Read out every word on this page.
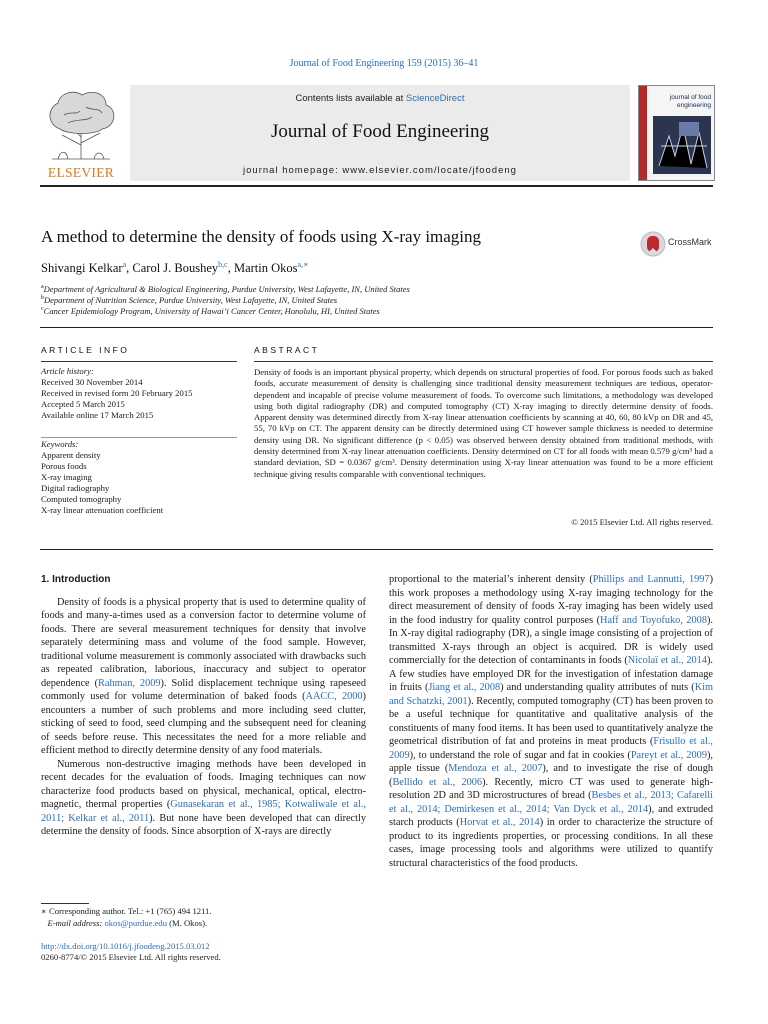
Journal of Food Engineering 159 (2015) 36–41
ELSEVIER
Contents lists available at ScienceDirect
Journal of Food Engineering
journal homepage: www.elsevier.com/locate/jfoodeng
journal of food engineering
A method to determine the density of foods using X-ray imaging	CrossMark
Shivangi Kelkar$^a$, Carol J. Boushey$^{b,c}$, Martin Okos$^{a,∗}$
$^a$Department of Agricultural & Biological Engineering, Purdue University, West Lafayette, IN, United States
$^b$Department of Nutrition Science, Purdue University, West Lafayette, IN, United States
$^c$Cancer Epidemiology Program, University of Hawai’i Cancer Center, Honolulu, HI, United States
ARTICLE INFO	ABSTRACT
Article history:
Received 30 November 2014
Received in revised form 20 February 2015
Accepted 5 March 2015
Available online 17 March 2015
Keywords:
Apparent density
Porous foods
X-ray imaging
Digital radiography
Computed tomography
X-ray linear attenuation coefficient
Density of foods is an important physical property, which depends on structural properties of food. For porous foods such as baked foods, accurate measurement of density is challenging since traditional density measurement techniques are tedious, operator-dependent and incapable of precise volume measurement of foods. To overcome such limitations, a methodology was developed using both digital radiography (DR) and computed tomography (CT) X-ray imaging to directly determine density of foods. Apparent density was determined directly from X-ray linear attenuation coefficients by scanning at 40, 60, 80 kVp on DR and 45, 55, 70 kVp on CT. The apparent density can be directly determined using CT however sample thickness is needed to determine density using DR. No significant difference (p < 0.05) was observed between density obtained from traditional methods, with density determined from X-ray linear attenuation coefficients. Density determined on CT for all foods with mean 0.579 g/cm³ had a standard deviation, SD = 0.0367 g/cm³. Density determination using X-ray linear attenuation was found to be a more efficient technique giving results comparable with conventional techniques.
© 2015 Elsevier Ltd. All rights reserved.
1. Introduction

Density of foods is a physical property that is used to determine quality of foods and many-a-times used as a conversion factor to determine volume of foods. There are several measurement techniques for density that involve separately determining mass and volume of the food sample. However, traditional volume measurement is commonly associated with drawbacks such as repeated calibration, laborious, inaccuracy and subject to operator dependence (Rahman, 2009). Solid displacement technique using rapeseed commonly used for volume determination of baked foods (AACC, 2000) encounters a number of such problems and more including seed clutter, sticking of seed to food, seed clumping and the subsequent need for cleaning of seeds before reuse. This necessitates the need for a more reliable and efficient method to directly determine density of any food materials.

Numerous non-destructive imaging methods have been developed in recent decades for the evaluation of foods. Imaging techniques can now characterize food products based on physical, mechanical, optical, electro-magnetic, thermal properties (Gunasekaran et al., 1985; Kotwaliwale et al., 2011; Kelkar et al., 2011). But none have been developed that can directly determine the density of foods. Since absorption of X-rays are directly

proportional to the material’s inherent density (Phillips and Lannutti, 1997) this work proposes a methodology using X-ray imaging technology for the direct measurement of density of foods X-ray imaging has been widely used in the food industry for quality control purposes (Haff and Toyofuko, 2008). In X-ray digital radiography (DR), a single image consisting of a projection of transmitted X-rays through an object is acquired. DR is widely used commercially for the detection of contaminants in foods (Nicolaï et al., 2014). A few studies have employed DR for the investigation of infestation damage in fruits (Jiang et al., 2008) and understanding quality attributes of nuts (Kim and Schatzki, 2001). Recently, computed tomography (CT) has been proven to be a useful technique for quantitative and qualitative analysis of the constituents of many food items. It has been used to quantitatively analyze the geometrical distribution of fat and proteins in meat products (Frisullo et al., 2009), to understand the role of sugar and fat in cookies (Pareyt et al., 2009), apple tissue (Mendoza et al., 2007), and to investigate the rise of dough (Bellido et al., 2006). Recently, micro CT was used to generate high-resolution 2D and 3D microstructures of bread (Besbes et al., 2013; Cafarelli et al., 2014; Demirkesen et al., 2014; Van Dyck et al., 2014), and extruded starch products (Horvat et al., 2014) in order to characterize the structure of product to its ingredients properties, or processing conditions. In all these cases, image processing tools and algorithms were utilized to quantify structural characteristics of the food products.

∗ Corresponding author. Tel.: +1 (765) 494 1211.
E-mail address: okos@purdue.edu (M. Okos).
http://dx.doi.org/10.1016/j.jfoodeng.2015.03.012
0260-8774/© 2015 Elsevier Ltd. All rights reserved.
